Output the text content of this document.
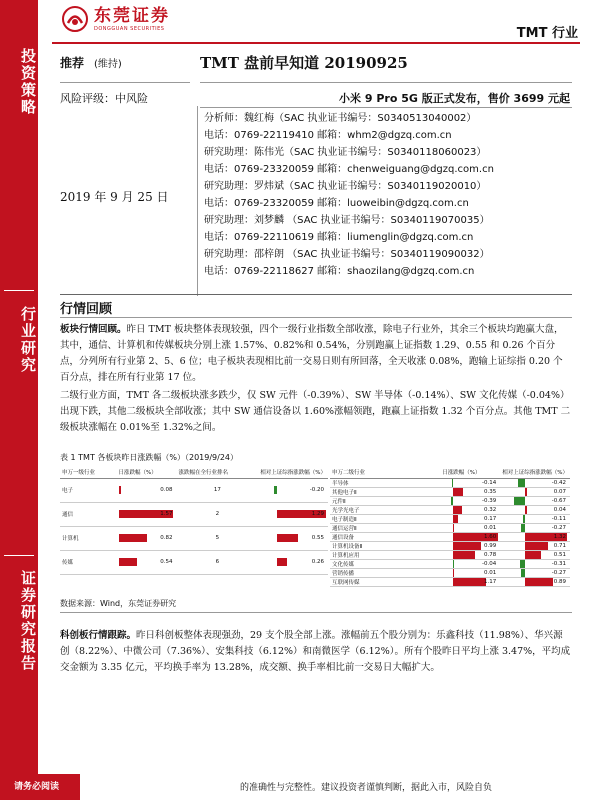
投资策略
行业研究
证券研究报告
东莞证券
DONGGUAN SECURITIES	TMT 行业
推荐 (维持)	TMT 盘前早知道 20190925
风险评级：中风险	小米 9 Pro 5G 版正式发布，售价 3699 元起
2019 年 9 月 25 日
分析师：魏红梅（SAC 执业证书编号：S0340513040002）
电话：0769-22119410 邮箱：whm2@dgzq.com.cn
研究助理：陈伟光（SAC 执业证书编号：S0340118060023）
电话：0769-23320059 邮箱：chenweiguang@dgzq.com.cn
研究助理：罗炜斌（SAC 执业证书编号：S0340119020010）
电话：0769-23320059 邮箱：luoweibin@dgzq.com.cn
研究助理：刘梦麟 （SAC 执业证书编号：S0340119070035）
电话：0769-22110619 邮箱：liumenglin@dgzq.com.cn
研究助理：邵梓朗 （SAC 执业证书编号：S0340119090032）
电话：0769-22118627 邮箱：shaozilang@dgzq.com.cn
行情回顾
板块行情回顾。昨日 TMT 板块整体表现较强，四个一级行业指数全部收涨，除电子行业外，其余三个板块均跑赢大盘，其中，通信、计算机和传媒板块分别上涨 1.57%、0.82%和 0.54%，分别跑赢上证指数 1.29、0.55 和 0.26 个百分点，分列所有行业第 2、5、6 位；电子板块表现相比前一交易日则有所回落，全天收涨 0.08%，跑输上证综指 0.20 个百分点，排在所有行业第 17 位。
二级行业方面，TMT 各二级板块涨多跌少，仅 SW 元件（-0.39%）、SW 半导体（-0.14%）、SW 文化传媒（-0.04%）出现下跌，其他二级板块全部收涨；其中 SW 通信设备以 1.60%涨幅领跑，跑赢上证指数 1.32 个百分点。其他 TMT 二级板块涨幅在 0.01%至 1.32%之间。
表 1 TMT 各板块昨日涨跌幅（%）（2019/9/24）
申万一级行业	日涨跌幅（%）	涨跌幅在全行业排名	相对上证综指涨跌幅（%）
电子	0.08	17	-0.20

通信	1.57	2	1.29

计算机	0.82	5	0.55

传媒	0.54	6	0.26
申万二级行业	日涨跌幅（%）	相对上证综指涨跌幅（%）
半导体	-0.14	-0.42

其他电子Ⅱ	0.35	0.07

元件Ⅱ	-0.39	-0.67

光学光电子	0.32	0.04

电子制造Ⅱ	0.17	-0.11

通信运营Ⅱ	0.01	-0.27

通信设备	1.60	1.32

计算机设备Ⅱ	0.99	0.71

计算机应用	0.78	0.51

文化传媒	-0.04	-0.31

营销传播	0.01	-0.27

互联网传媒	1.17	0.89
数据来源：Wind，东莞证券研究
科创板行情跟踪。昨日科创板整体表现强劲，29 支个股全部上涨。涨幅前五个股分别为：乐鑫科技（11.98%）、华兴源创（8.22%）、中微公司（7.36%）、安集科技（6.12%）和南微医学（6.12%）。所有个股昨日平均上涨 3.47%，平均成交金额为 3.35 亿元，平均换手率为 13.28%，成交额、换手率相比前一交易日大幅扩大。
请务必阅读	的准确性与完整性。建议投资者谨慎判断，据此入市，风险自负
